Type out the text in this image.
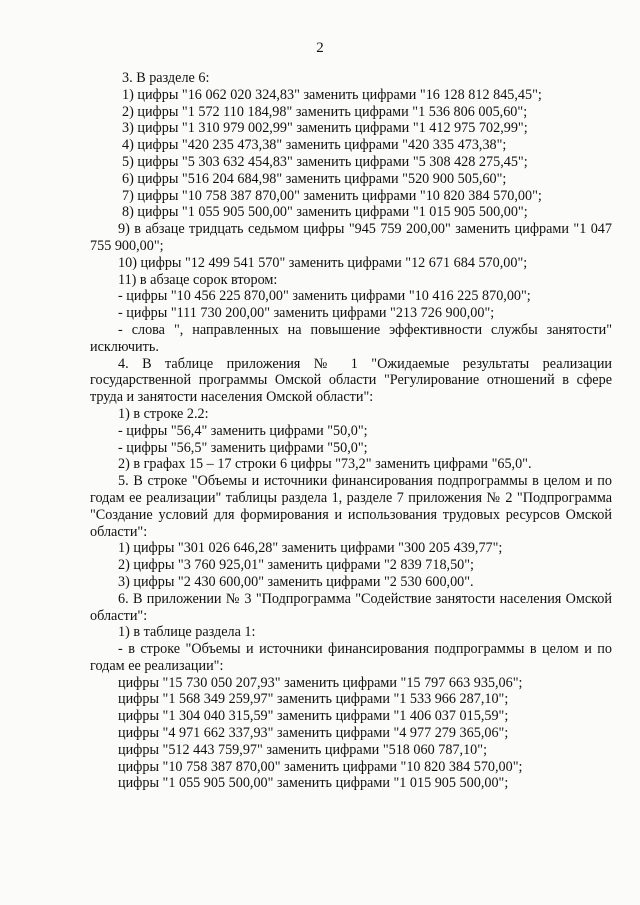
2

3. В разделе 6:

1) цифры "16 062 020 324,83" заменить цифрами "16 128 812 845,45";

2) цифры "1 572 110 184,98" заменить цифрами "1 536 806 005,60";

3) цифры "1 310 979 002,99" заменить цифрами "1 412 975 702,99";

4) цифры "420 235 473,38" заменить цифрами "420 335 473,38";

5) цифры "5 303 632 454,83" заменить цифрами "5 308 428 275,45";

6) цифры "516 204 684,98" заменить цифрами "520 900 505,60";

7) цифры "10 758 387 870,00" заменить цифрами "10 820 384 570,00";

8) цифры "1 055 905 500,00" заменить цифрами "1 015 905 500,00";

9) в абзаце тридцать седьмом цифры "945 759 200,00" заменить цифрами "1 047 755 900,00";

10) цифры "12 499 541 570" заменить цифрами "12 671 684 570,00";

11) в абзаце сорок втором:

- цифры "10 456 225 870,00" заменить цифрами "10 416 225 870,00";

- цифры "111 730 200,00" заменить цифрами "213 726 900,00";

- слова ", направленных на повышение эффективности службы занятости" исключить.

4. В таблице приложения № 1 "Ожидаемые результаты реализации государственной программы Омской области "Регулирование отношений в сфере труда и занятости населения Омской области":

1) в строке 2.2:

- цифры "56,4" заменить цифрами "50,0";

- цифры "56,5" заменить цифрами "50,0";

2) в графах 15 – 17 строки 6 цифры "73,2" заменить цифрами "65,0".

5. В строке "Объемы и источники финансирования подпрограммы в целом и по годам ее реализации" таблицы раздела 1, разделе 7 приложения № 2 "Подпрограмма "Создание условий для формирования и использования трудовых ресурсов Омской области":

1) цифры "301 026 646,28" заменить цифрами "300 205 439,77";

2) цифры "3 760 925,01" заменить цифрами "2 839 718,50";

3) цифры "2 430 600,00" заменить цифрами "2 530 600,00".

6. В приложении № 3 "Подпрограмма "Содействие занятости населения Омской области":

1) в таблице раздела 1:

- в строке "Объемы и источники финансирования подпрограммы в целом и по годам ее реализации":

цифры "15 730 050 207,93" заменить цифрами "15 797 663 935,06";

цифры "1 568 349 259,97" заменить цифрами "1 533 966 287,10";

цифры "1 304 040 315,59" заменить цифрами "1 406 037 015,59";

цифры "4 971 662 337,93" заменить цифрами "4 977 279 365,06";

цифры "512 443 759,97" заменить цифрами "518 060 787,10";

цифры "10 758 387 870,00" заменить цифрами "10 820 384 570,00";

цифры "1 055 905 500,00" заменить цифрами "1 015 905 500,00";
